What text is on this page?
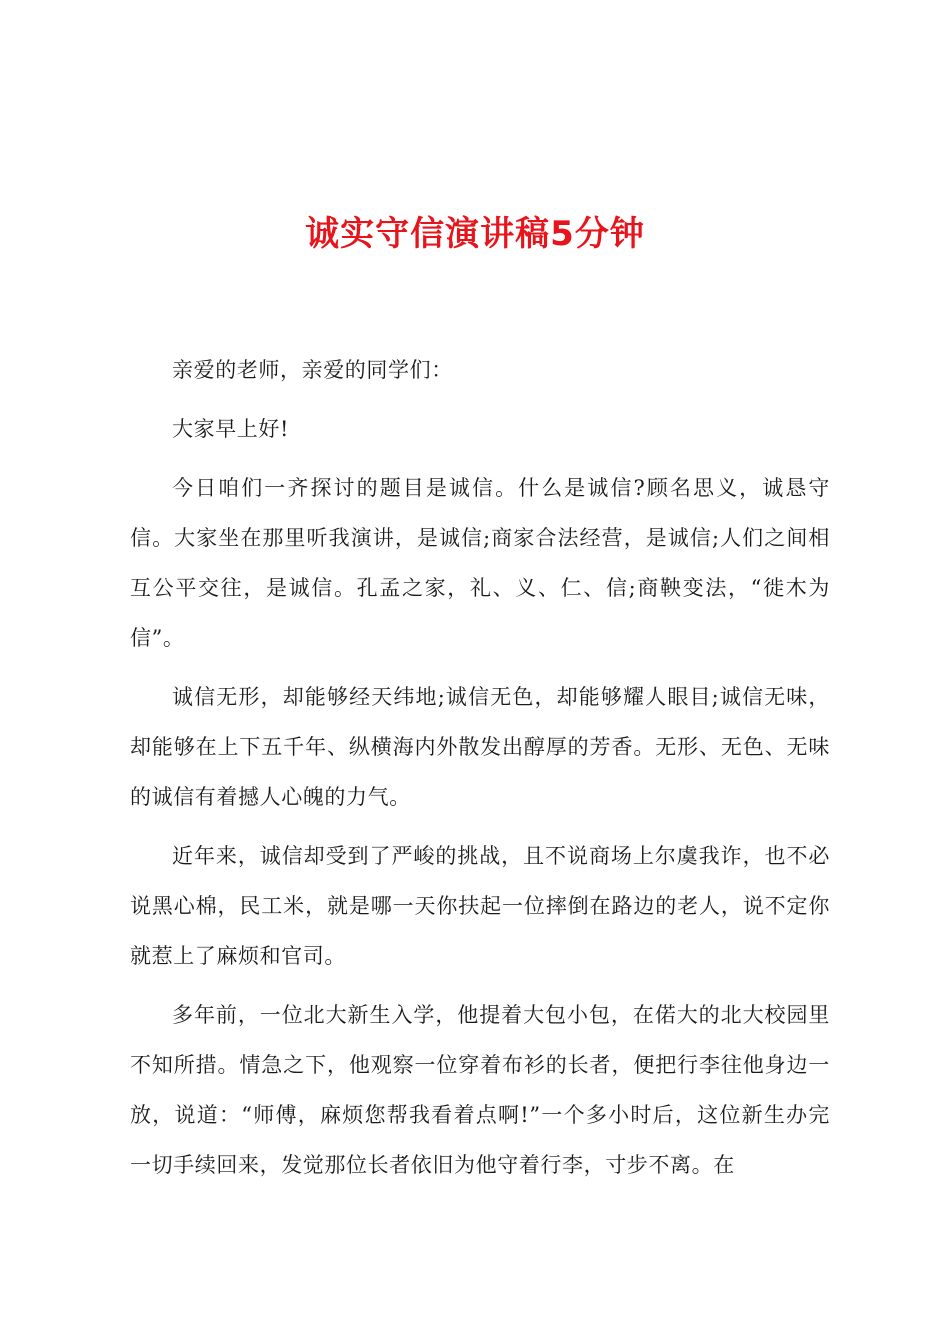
诚实守信演讲稿5分钟

亲爱的老师，亲爱的同学们：

大家早上好!

今日咱们一齐探讨的题目是诚信。什么是诚信?顾名思义，诚恳守信。大家坐在那里听我演讲，是诚信;商家合法经营，是诚信;人们之间相互公平交往，是诚信。孔孟之家，礼、义、仁、信;商鞅变法，“徙木为信”。

诚信无形，却能够经天纬地;诚信无色，却能够耀人眼目;诚信无味，却能够在上下五千年、纵横海内外散发出醇厚的芳香。无形、无色、无味的诚信有着撼人心魄的力气。

近年来，诚信却受到了严峻的挑战，且不说商场上尔虞我诈，也不必说黑心棉，民工米，就是哪一天你扶起一位摔倒在路边的老人，说不定你就惹上了麻烦和官司。

多年前，一位北大新生入学，他提着大包小包，在偌大的北大校园里不知所措。情急之下，他观察一位穿着布衫的长者，便把行李往他身边一放，说道：“师傅，麻烦您帮我看着点啊!”一个多小时后，这位新生办完一切手续回来，发觉那位长者依旧为他守着行李，寸步不离。在
